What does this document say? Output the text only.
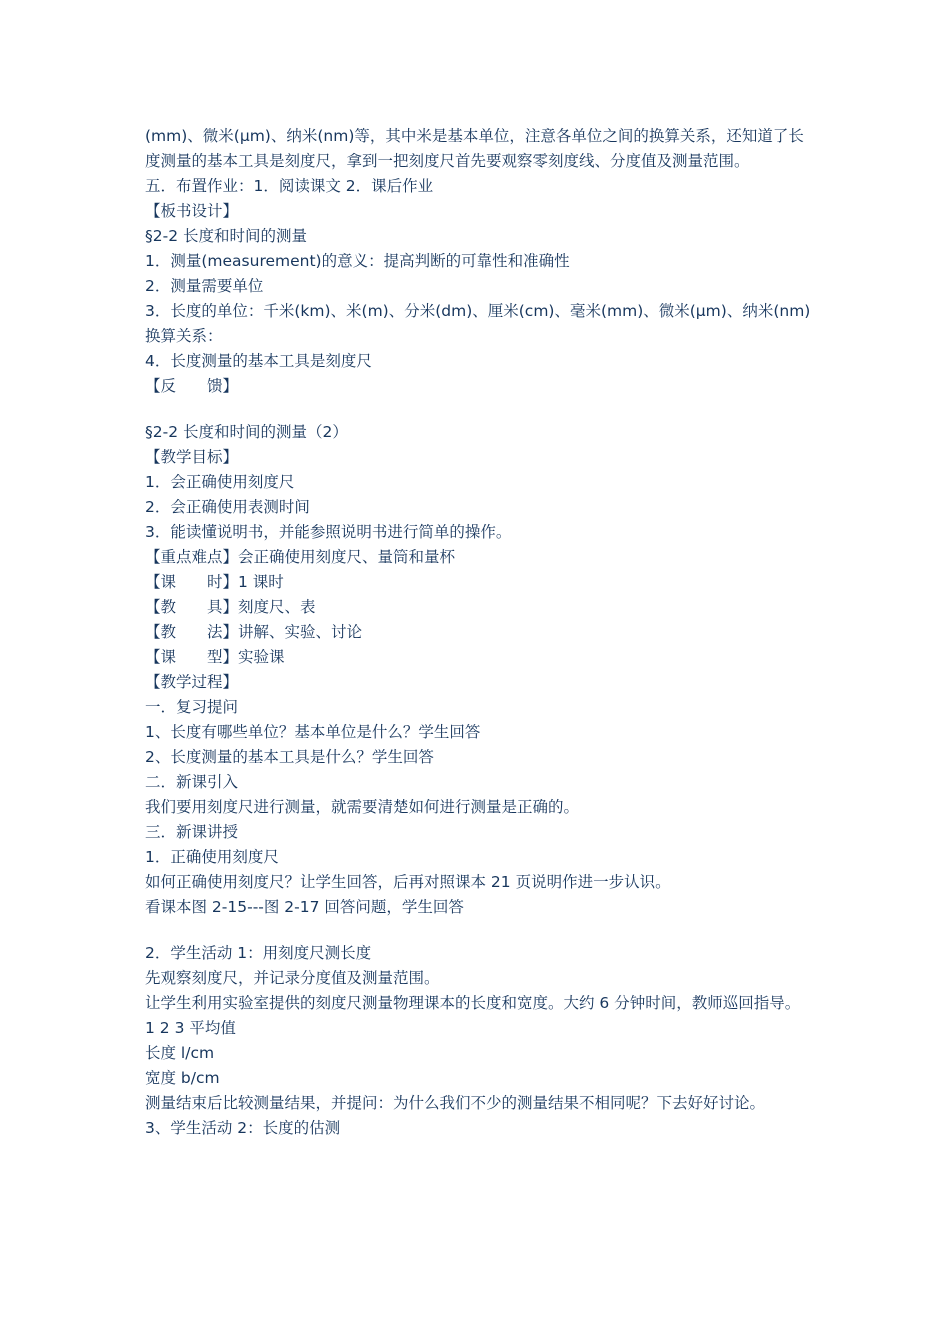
(mm)、微米(μm)、纳米(nm)等，其中米是基本单位，注意各单位之间的换算关系，还知道了长度测量的基本工具是刻度尺，拿到一把刻度尺首先要观察零刻度线、分度值及测量范围。
五．布置作业：1．阅读课文 2．课后作业
【板书设计】
§2-2 长度和时间的测量
1．测量(measurement)的意义：提高判断的可靠性和准确性
2．测量需要单位
3．长度的单位：千米(km)、米(m)、分米(dm)、厘米(cm)、毫米(mm)、微米(μm)、纳米(nm)
换算关系：
4．长度测量的基本工具是刻度尺
【反　　馈】
§2-2 长度和时间的测量（2）
【教学目标】
1．会正确使用刻度尺
2．会正确使用表测时间
3．能读懂说明书，并能参照说明书进行简单的操作。
【重点难点】会正确使用刻度尺、量筒和量杯
【课　　时】1 课时
【教　　具】刻度尺、表
【教　　法】讲解、实验、讨论
【课　　型】实验课
【教学过程】
一．复习提问
1、长度有哪些单位？基本单位是什么？学生回答
2、长度测量的基本工具是什么？学生回答
二．新课引入
我们要用刻度尺进行测量，就需要清楚如何进行测量是正确的。
三．新课讲授
1．正确使用刻度尺
如何正确使用刻度尺？让学生回答，后再对照课本 21 页说明作进一步认识。
看课本图 2-15---图 2-17 回答问题，学生回答
2．学生活动 1：用刻度尺测长度
先观察刻度尺，并记录分度值及测量范围。
让学生利用实验室提供的刻度尺测量物理课本的长度和宽度。大约 6 分钟时间，教师巡回指导。
1 2 3 平均值
长度 l/cm
宽度 b/cm
测量结束后比较测量结果，并提问：为什么我们不少的测量结果不相同呢？下去好好讨论。
3、学生活动 2：长度的估测
